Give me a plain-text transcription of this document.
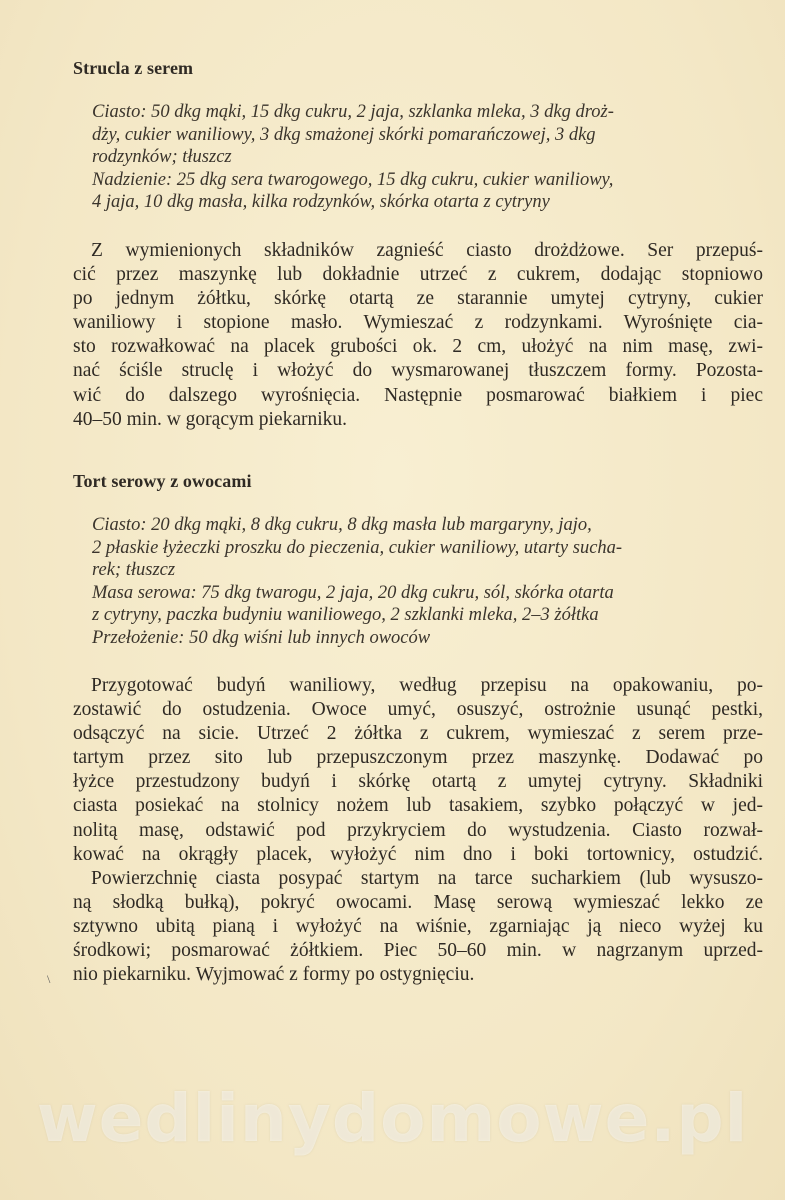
Strucla z serem
Ciasto: 50 dkg mąki, 15 dkg cukru, 2 jaja, szklanka mleka, 3 dkg droż-
dży, cukier waniliowy, 3 dkg smażonej skórki pomarańczowej, 3 dkg
rodzynków; tłuszcz
Nadzienie: 25 dkg sera twarogowego, 15 dkg cukru, cukier waniliowy,
4 jaja, 10 dkg masła, kilka rodzynków, skórka otarta z cytryny
Z wymienionych składników zagnieść ciasto drożdżowe. Ser przepuś-
cić przez maszynkę lub dokładnie utrzeć z cukrem, dodając stopniowo
po jednym żółtku, skórkę otartą ze starannie umytej cytryny, cukier
waniliowy i stopione masło. Wymieszać z rodzynkami. Wyrośnięte cia-
sto rozwałkować na placek grubości ok. 2 cm, ułożyć na nim masę, zwi-
nać ściśle struclę i włożyć do wysmarowanej tłuszczem formy. Pozosta-
wić do dalszego wyrośnięcia. Następnie posmarować białkiem i piec
40–50 min. w gorącym piekarniku.
Tort serowy z owocami
Ciasto: 20 dkg mąki, 8 dkg cukru, 8 dkg masła lub margaryny, jajo,
2 płaskie łyżeczki proszku do pieczenia, cukier waniliowy, utarty sucha-
rek; tłuszcz
Masa serowa: 75 dkg twarogu, 2 jaja, 20 dkg cukru, sól, skórka otarta
z cytryny, paczka budyniu waniliowego, 2 szklanki mleka, 2–3 żółtka
Przełożenie: 50 dkg wiśni lub innych owoców
Przygotować budyń waniliowy, według przepisu na opakowaniu, po-
zostawić do ostudzenia. Owoce umyć, osuszyć, ostrożnie usunąć pestki,
odsączyć na sicie. Utrzeć 2 żółtka z cukrem, wymieszać z serem prze-
tartym przez sito lub przepuszczonym przez maszynkę. Dodawać po
łyżce przestudzony budyń i skórkę otartą z umytej cytryny. Składniki
ciasta posiekać na stolnicy nożem lub tasakiem, szybko połączyć w jed-
nolitą masę, odstawić pod przykryciem do wystudzenia. Ciasto rozwał-
kować na okrągły placek, wyłożyć nim dno i boki tortownicy, ostudzić.
Powierzchnię ciasta posypać startym na tarce sucharkiem (lub wysuszo-
ną słodką bułką), pokryć owocami. Masę serową wymieszać lekko ze
sztywno ubitą pianą i wyłożyć na wiśnie, zgarniając ją nieco wyżej ku
środkowi; posmarować żółtkiem. Piec 50–60 min. w nagrzanym uprzed-
nio piekarniku. Wyjmować z formy po ostygnięciu.
\
wedlinydomowe.pl
